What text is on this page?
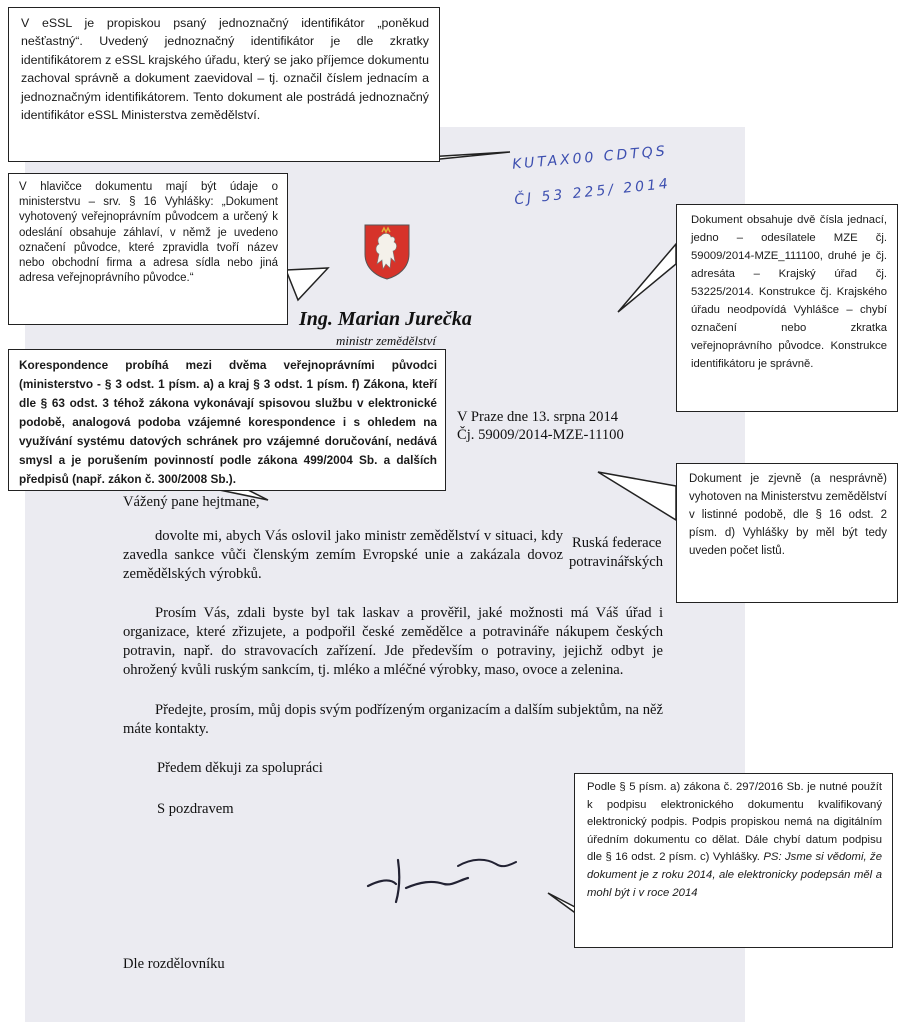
V eSSL je propiskou psaný jednoznačný identifikátor „poněkud nešťastný“. Uvedený jednoznačný identifikátor je dle zkratky identifikátorem z eSSL krajského úřadu, který se jako příjemce dokumentu zachoval správně a dokument zaevidoval – tj. označil číslem jednacím a jednoznačným identifikátorem. Tento dokument ale postrádá jednoznačný identifikátor eSSL Ministerstva zemědělství.
KUTAX00 CDTQS
ČJ 53 225/ 2014
V hlavičce dokumentu mají být údaje o ministerstvu – srv. § 16 Vyhlášky: „Dokument vyhotovený veřejnoprávním původcem a určený k odeslání obsahuje záhlaví, v němž je uvedeno označení původce, které zpravidla tvoří název nebo obchodní firma a adresa sídla nebo jiná adresa veřejnoprávního původce.“
Dokument obsahuje dvě čísla jednací, jedno – odesílatele MZE čj. 59009/2014-MZE_111100, druhé je čj. adresáta – Krajský úřad čj. 53225/2014. Konstrukce čj. Krajského úřadu neodpovídá Vyhlášce – chybí označení nebo zkratka veřejnoprávního původce. Konstrukce identifikátoru je správně.
Ing. Marian Jurečka
ministr zemědělství
Korespondence probíhá mezi dvěma veřejnoprávními původci (ministerstvo - § 3 odst. 1 písm. a) a kraj § 3 odst. 1 písm. f) Zákona, kteří dle § 63 odst. 3 téhož zákona vykonávají spisovou službu v elektronické podobě, analogová podoba vzájemné korespondence i s ohledem na využívání systému datových schránek pro vzájemné doručování, nedává smysl a je porušením povinností podle zákona 499/2004 Sb. a dalších předpisů (např. zákon č. 300/2008 Sb.).
V Praze dne 13. srpna 2014
Čj. 59009/2014-MZE-11100
Dokument je zjevně (a nesprávně) vyhotoven na Ministerstvu zemědělství v listinné podobě, dle § 16 odst. 2 písm. d) Vyhlášky by měl být tedy uveden počet listů.
Vážený pane hejtmane,

dovolte mi, abych Vás oslovil jako ministr zemědělství v situaci, kdy zavedla sankce vůči členským zemím Evropské unie a zakázala dovoz zemědělských výrobků.

Ruská federace
potravinářských

Prosím Vás, zdali byste byl tak laskav a prověřil, jaké možnosti má Váš úřad i organizace, které zřizujete, a podpořil české zemědělce a potravináře nákupem českých potravin, např. do stravovacích zařízení. Jde především o potraviny, jejichž odbyt je ohrožený kvůli ruským sankcím, tj. mléko a mléčné výrobky, maso, ovoce a zelenina.

Předejte, prosím, můj dopis svým podřízeným organizacím a dalším subjektům, na něž máte kontakty.

Předem děkuji za spolupráci
S pozdravem
Podle § 5 písm. a) zákona č. 297/2016 Sb. je nutné použít k podpisu elektronického dokumentu kvalifikovaný elektronický podpis. Podpis propiskou nemá na digitálním úředním dokumentu co dělat. Dále chybí datum podpisu dle § 16 odst. 2 písm. c) Vyhlášky. PS: Jsme si vědomi, že dokument je z roku 2014, ale elektronicky podepsán měl a mohl být i v roce 2014
Dle rozdělovníku
